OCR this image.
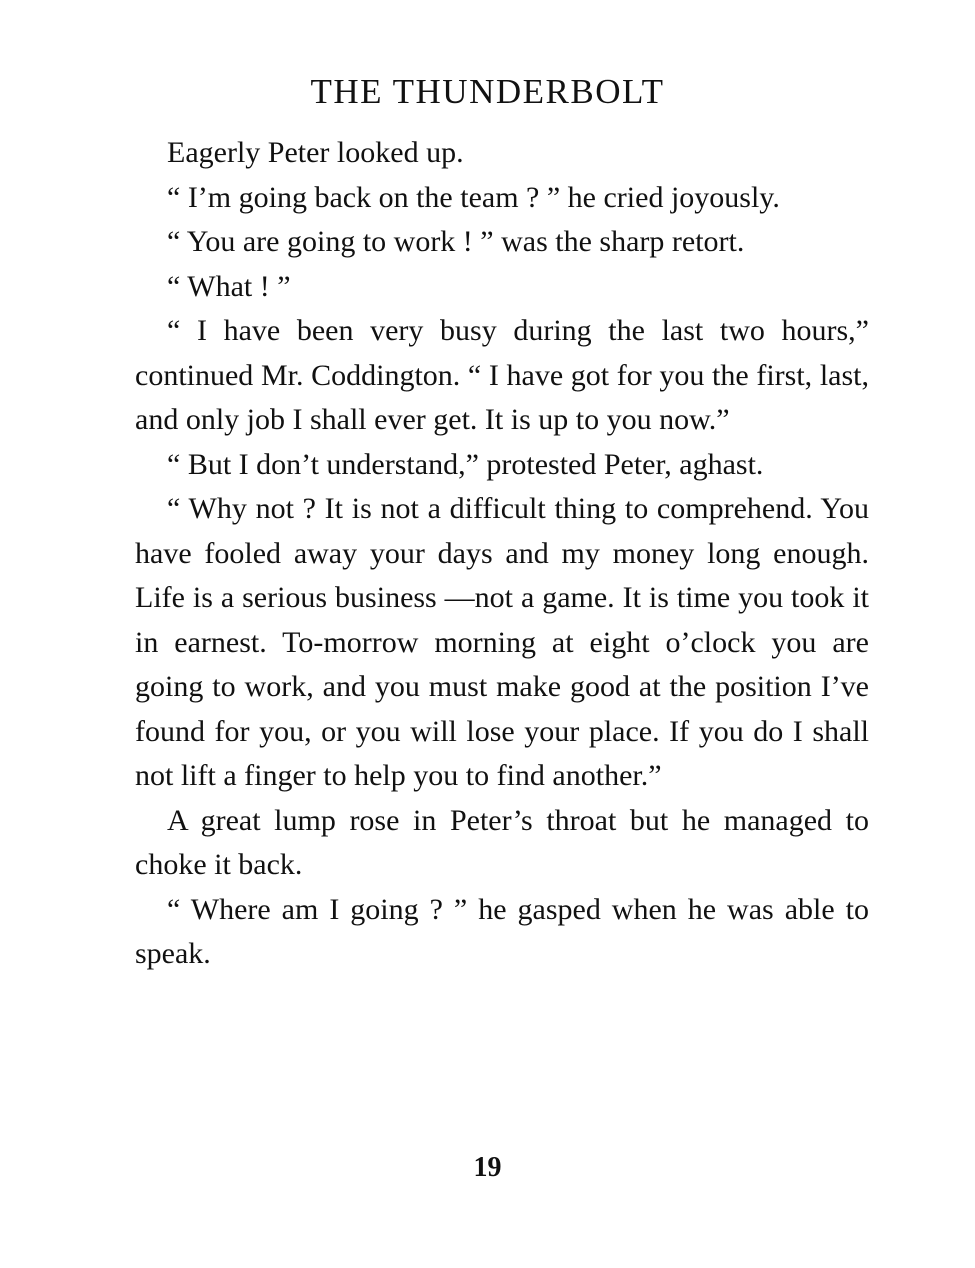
THE THUNDERBOLT

Eagerly Peter looked up.

“ I’m going back on the team ? ” he cried joyously.

“ You are going to work ! ” was the sharp retort.

“ What ! ”

“ I have been very busy during the last two hours,” continued Mr. Coddington. “ I have got for you the first, last, and only job I shall ever get. It is up to you now.”

“ But I don’t understand,” protested Peter, aghast.

“ Why not ? It is not a difficult thing to comprehend. You have fooled away your days and my money long enough. Life is a serious business —not a game. It is time you took it in earnest. To-morrow morning at eight o’clock you are going to work, and you must make good at the position I’ve found for you, or you will lose your place. If you do I shall not lift a finger to help you to find another.”

A great lump rose in Peter’s throat but he managed to choke it back.

“ Where am I going ? ” he gasped when he was able to speak.

19
